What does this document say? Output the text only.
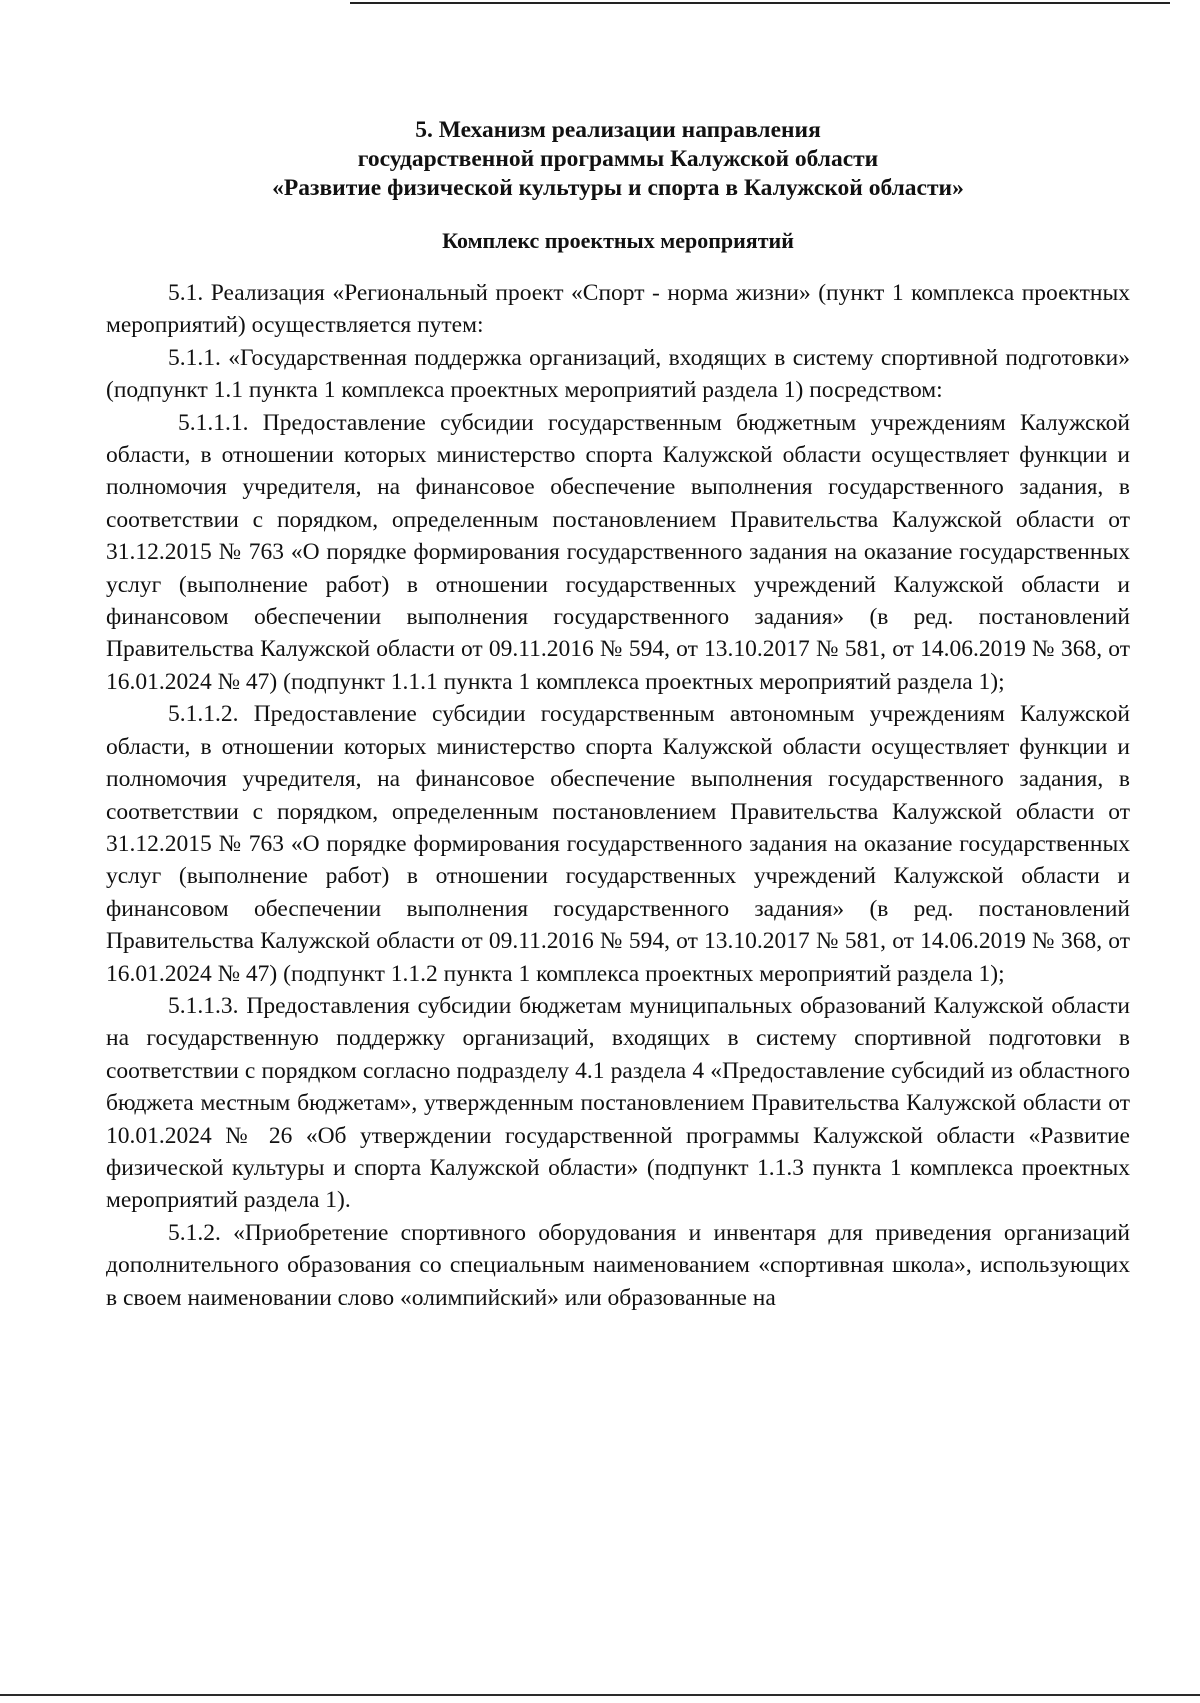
5. Механизм реализации направления
государственной программы Калужской области
«Развитие физической культуры и спорта в Калужской области»
Комплекс проектных мероприятий

5.1. Реализация «Региональный проект «Спорт - норма жизни» (пункт 1 комплекса проектных мероприятий) осуществляется путем:

5.1.1. «Государственная поддержка организаций, входящих в систему спортивной подготовки» (подпункт 1.1 пункта 1 комплекса проектных мероприятий раздела 1) посредством:

5.1.1.1. Предоставление субсидии государственным бюджетным учреждениям Калужской области, в отношении которых министерство спорта Калужской области осуществляет функции и полномочия учредителя, на финансовое обеспечение выполнения государственного задания, в соответствии с порядком, определенным постановлением Правительства Калужской области от 31.12.2015 № 763 «О порядке формирования государственного задания на оказание государственных услуг (выполнение работ) в отношении государственных учреждений Калужской области и финансовом обеспечении выполнения государственного задания» (в ред. постановлений Правительства Калужской области от 09.11.2016 № 594, от 13.10.2017 № 581, от 14.06.2019 № 368, от 16.01.2024 № 47) (подпункт 1.1.1 пункта 1 комплекса проектных мероприятий раздела 1);

5.1.1.2. Предоставление субсидии государственным автономным учреждениям Калужской области, в отношении которых министерство спорта Калужской области осуществляет функции и полномочия учредителя, на финансовое обеспечение выполнения государственного задания, в соответствии с порядком, определенным постановлением Правительства Калужской области от 31.12.2015 № 763 «О порядке формирования государственного задания на оказание государственных услуг (выполнение работ) в отношении государственных учреждений Калужской области и финансовом обеспечении выполнения государственного задания» (в ред. постановлений Правительства Калужской области от 09.11.2016 № 594, от 13.10.2017 № 581, от 14.06.2019 № 368, от 16.01.2024 № 47) (подпункт 1.1.2 пункта 1 комплекса проектных мероприятий раздела 1);

5.1.1.3. Предоставления субсидии бюджетам муниципальных образований Калужской области на государственную поддержку организаций, входящих в систему спортивной подготовки в соответствии с порядком согласно подразделу 4.1 раздела 4 «Предоставление субсидий из областного бюджета местным бюджетам», утвержденным постановлением Правительства Калужской области от 10.01.2024 № 26 «Об утверждении государственной программы Калужской области «Развитие физической культуры и спорта Калужской области» (подпункт 1.1.3 пункта 1 комплекса проектных мероприятий раздела 1).

5.1.2. «Приобретение спортивного оборудования и инвентаря для приведения организаций дополнительного образования со специальным наименованием «спортивная школа», использующих в своем наименовании слово «олимпийский» или образованные на
